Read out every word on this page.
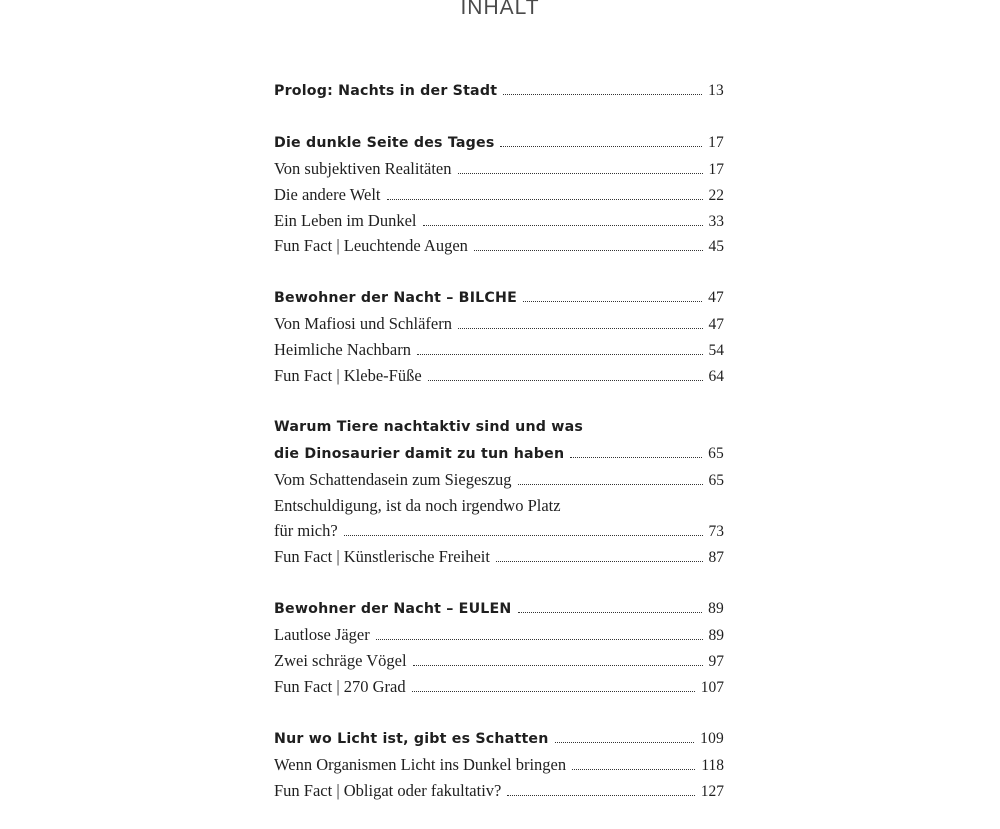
INHALT
Prolog: Nachts in der Stadt	13
Die dunkle Seite des Tages	17
Von subjektiven Realitäten	17
Die andere Welt	22
Ein Leben im Dunkel	33
Fun Fact | Leuchtende Augen	45
Bewohner der Nacht – BILCHE	47
Von Mafiosi und Schläfern	47
Heimliche Nachbarn	54
Fun Fact | Klebe-Füße	64
Warum Tiere nachtaktiv sind und was
die Dinosaurier damit zu tun haben	65
Vom Schattendasein zum Siegeszug	65
Entschuldigung, ist da noch irgendwo Platz
für mich?	73
Fun Fact | Künstlerische Freiheit	87
Bewohner der Nacht – EULEN	89
Lautlose Jäger	89
Zwei schräge Vögel	97
Fun Fact | 270 Grad	107
Nur wo Licht ist, gibt es Schatten	109
Wenn Organismen Licht ins Dunkel bringen	118
Fun Fact | Obligat oder fakultativ?	127
